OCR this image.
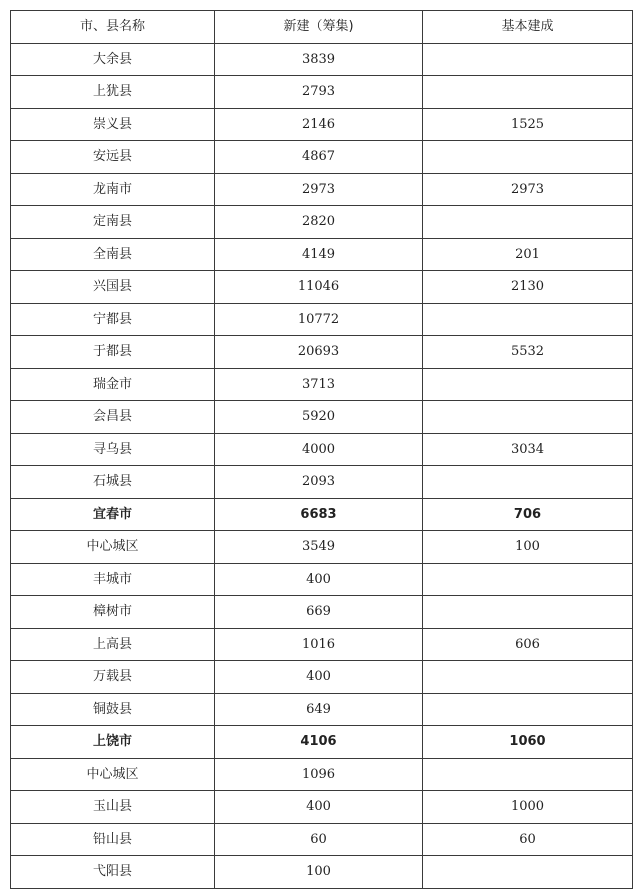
市、县名称	新建（筹集)	基本建成
大余县	3839	
上犹县	2793	
崇义县	2146	1525
安远县	4867	
龙南市	2973	2973
定南县	2820	
全南县	4149	201
兴国县	11046	2130
宁都县	10772	
于都县	20693	5532
瑞金市	3713	
会昌县	5920	
寻乌县	4000	3034
石城县	2093	
宜春市	6683	706
中心城区	3549	100
丰城市	400	
樟树市	669	
上高县	1016	606
万载县	400	
铜鼓县	649	
上饶市	4106	1060
中心城区	1096	
玉山县	400	1000
铅山县	60	60
弋阳县	100	
